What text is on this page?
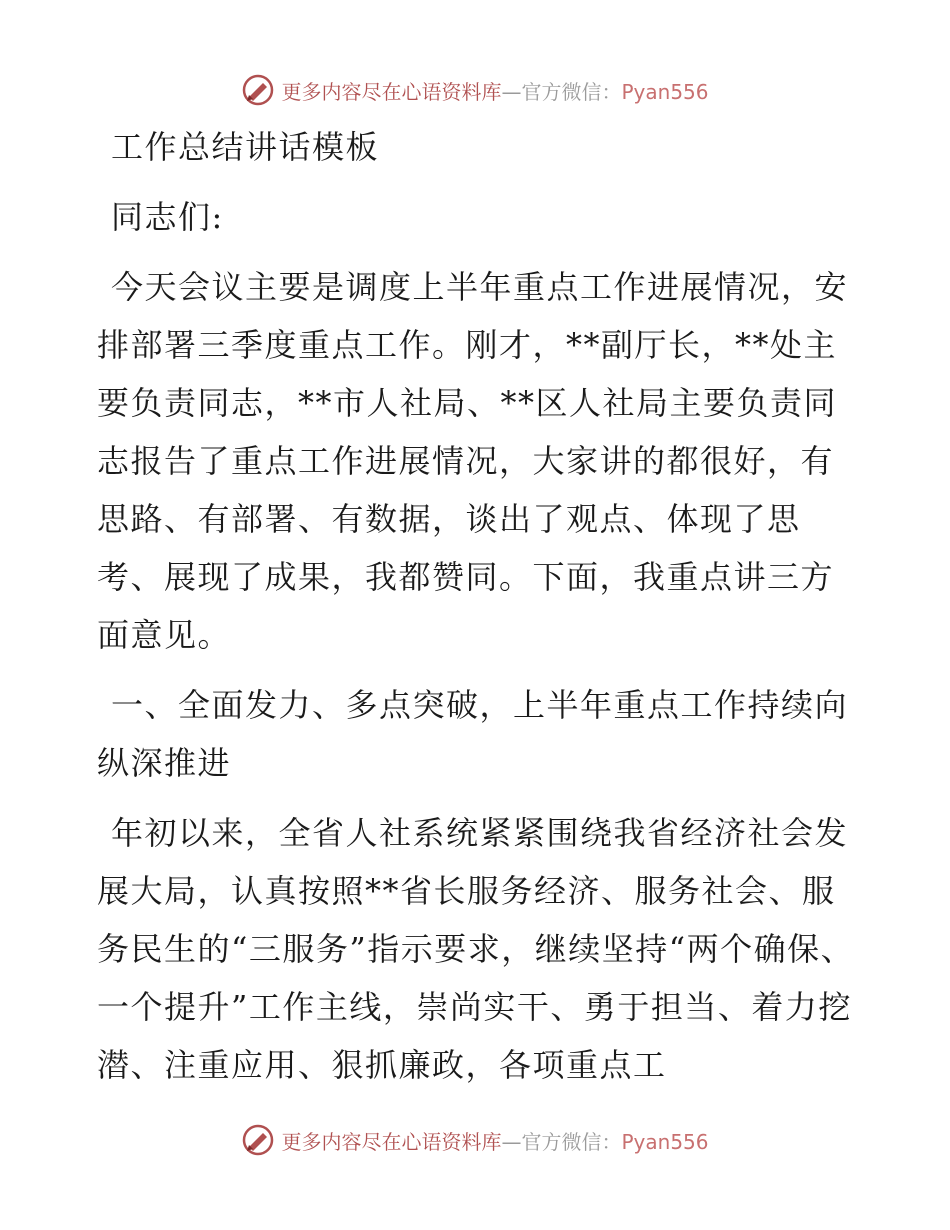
更多内容尽在心语资料库—官方微信：Pyan556

工作总结讲话模板

同志们:

今天会议主要是调度上半年重点工作进展情况，安排部署三季度重点工作。刚才，**副厅长，**处主要负责同志，**市人社局、**区人社局主要负责同志报告了重点工作进展情况，大家讲的都很好，有思路、有部署、有数据，谈出了观点、体现了思考、展现了成果，我都赞同。下面，我重点讲三方面意见。

一、全面发力、多点突破，上半年重点工作持续向纵深推进

年初以来，全省人社系统紧紧围绕我省经济社会发展大局，认真按照**省长服务经济、服务社会、服务民生的“三服务”指示要求，继续坚持“两个确保、一个提升”工作主线，崇尚实干、勇于担当、着力挖潜、注重应用、狠抓廉政，各项重点工

更多内容尽在心语资料库—官方微信：Pyan556
